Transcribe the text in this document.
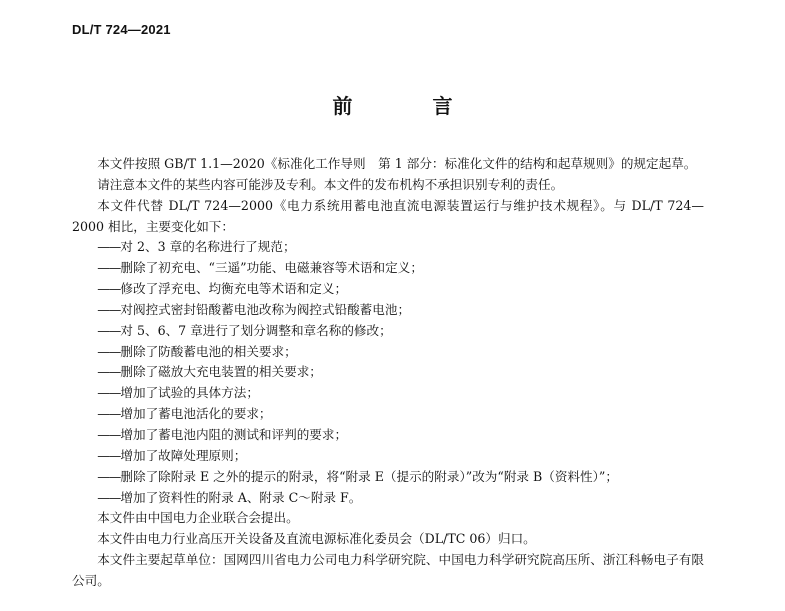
DL/T 724—2021
前　言

本文件按照 GB/T 1.1—2020《标准化工作导则　第 1 部分：标准化文件的结构和起草规则》的规定起草。

请注意本文件的某些内容可能涉及专利。本文件的发布机构不承担识别专利的责任。

本文件代替 DL/T 724—2000《电力系统用蓄电池直流电源装置运行与维护技术规程》。与 DL/T 724—2000 相比，主要变化如下：

——对 2、3 章的名称进行了规范；
——删除了初充电、“三遥”功能、电磁兼容等术语和定义；
——修改了浮充电、均衡充电等术语和定义；
——对阀控式密封铅酸蓄电池改称为阀控式铅酸蓄电池；
——对 5、6、7 章进行了划分调整和章名称的修改；
——删除了防酸蓄电池的相关要求；
——删除了磁放大充电装置的相关要求；
——增加了试验的具体方法；
——增加了蓄电池活化的要求；
——增加了蓄电池内阻的测试和评判的要求；
——增加了故障处理原则；
——删除了除附录 E 之外的提示的附录，将“附录 E（提示的附录）”改为“附录 B（资料性）”；
——增加了资料性的附录 A、附录 C～附录 F。

本文件由中国电力企业联合会提出。

本文件由电力行业高压开关设备及直流电源标准化委员会（DL/TC 06）归口。

本文件主要起草单位：国网四川省电力公司电力科学研究院、中国电力科学研究院高压所、浙江科畅电子有限公司。
